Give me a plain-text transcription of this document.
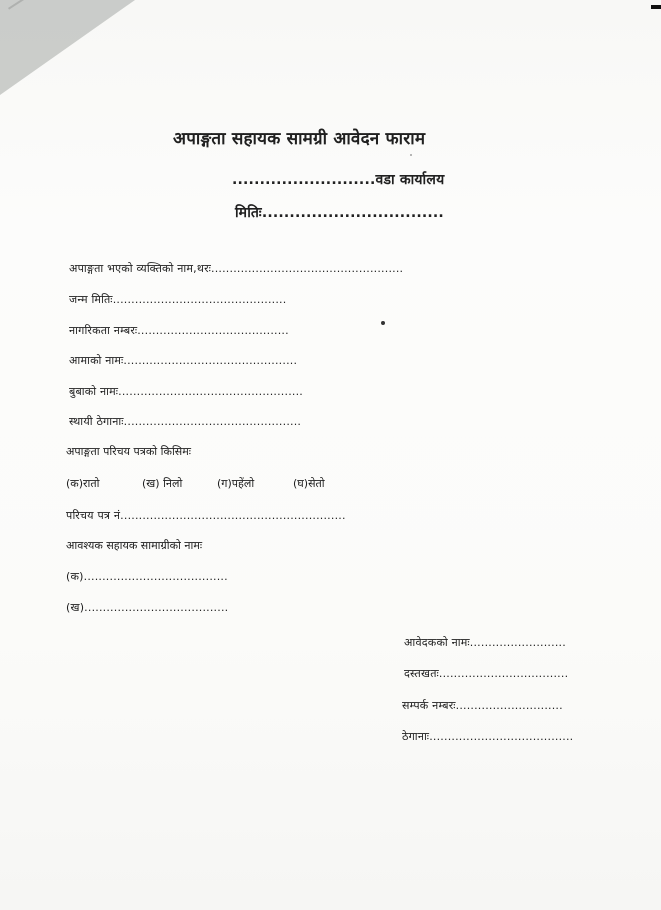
अपाङ्गता सहायक सामग्री आवेदन फाराम
..........................वडा कार्यालय
मितिः.................................
अपाङ्गता भएको व्यक्तिको नाम,थरः....................................................
जन्म मितिः...............................................
नागरिकता नम्बरः.........................................
आमाको नामः...............................................
बुबाको नामः..................................................
स्थायी ठेगानाः................................................
अपाङ्गता परिचय पत्रको किसिमः
(क)रातो	(ख) निलो	(ग)पहेंलो	(घ)सेतो
परिचय पत्र नं.............................................................
आवश्यक सहायक सामाग्रीको नामः
(क).......................................
(ख).......................................
आवेदकको नामः..........................
दस्तखतः...................................
सम्पर्क नम्बरः.............................
ठेगानाः.......................................
